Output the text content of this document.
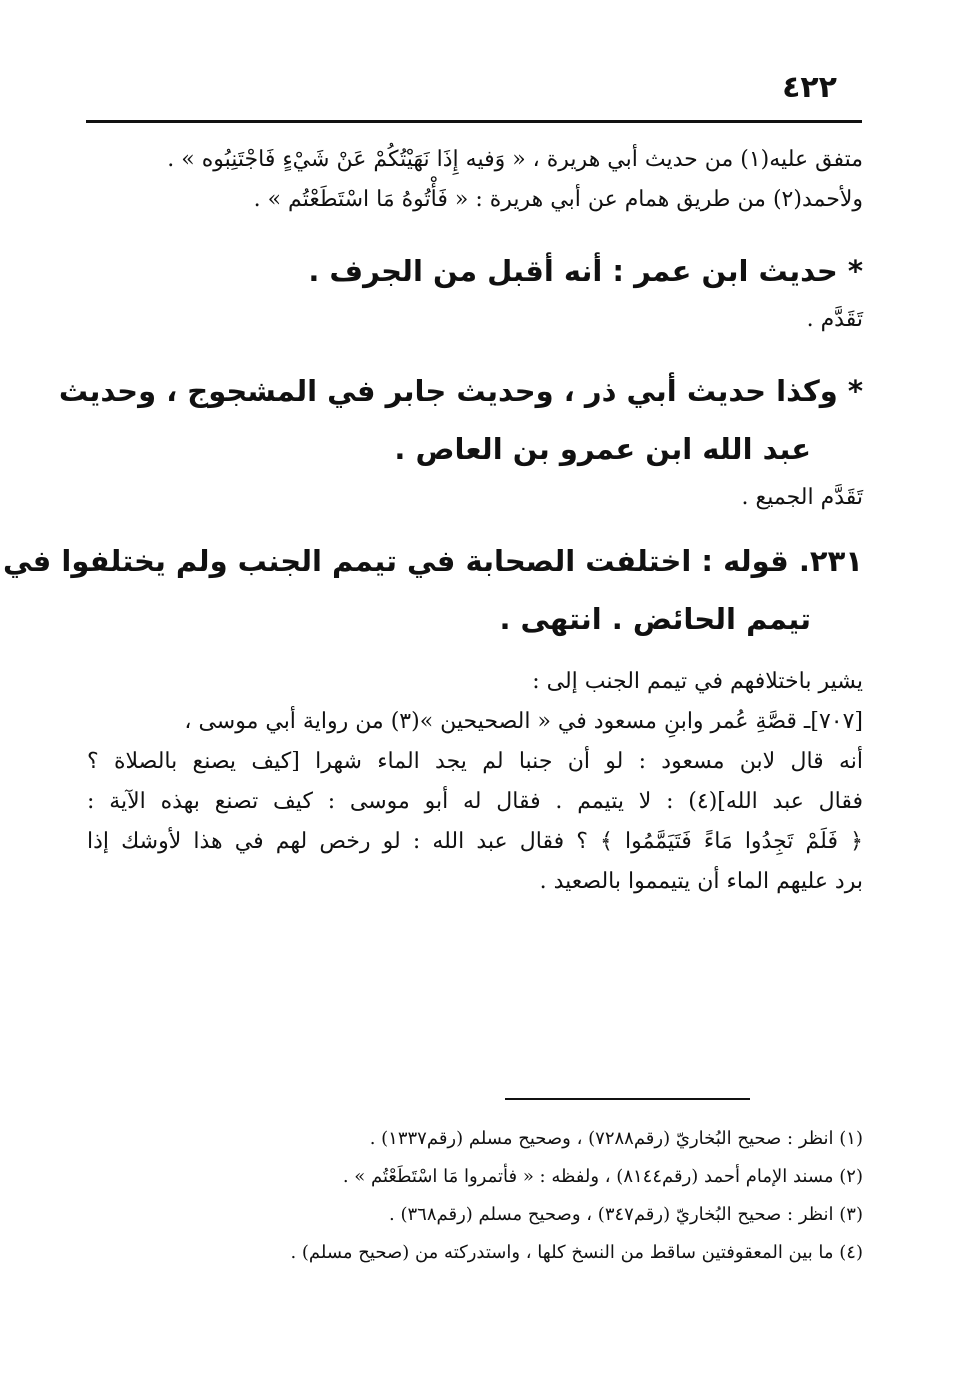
٤٢٢
متفق عليه(١) من حديث أبي هريرة ، « وَفيه إِذَا نَهَيْتُكُمْ عَنْ شَيْءٍ فَاجْتَنِبُوه » .
ولأحمد(٢) من طريق همام عن أبي هريرة : « فَأْتُوهُ مَا اسْتَطَعْتُم » .
* حديث ابن عمر : أنه أقبل من الجرف .
تَقَدَّم .
* وكذا حديث أبي ذر ، وحديث جابر في المشجوج ، وحديث
عبد الله ابن عمرو بن العاص .
تَقَدَّم الجميع .
٢٣١. قوله : اختلفت الصحابة في تيمم الجنب ولم يختلفوا في
تيمم الحائض . انتهى .
يشير باختلافهم في تيمم الجنب إلى :
[٧٠٧]ـ قصَّةِ عُمر وابنِ مسعود في « الصحيحين »(٣) من رواية أبي موسى ،
أنه قال لابن مسعود : لو أن جنبا لم يجد الماء شهرا [كيف يصنع بالصلاة ؟
فقال عبد الله](٤) : لا يتيمم . فقال له أبو موسى : كيف تصنع بهذه الآية :
﴿ فَلَمْ تَجِدُوا مَاءً فَتَيَمَّمُوا ﴾ ؟ فقال عبد الله : لو رخص لهم في هذا لأوشك إذا
برد عليهم الماء أن يتيمموا بالصعيد .
(١) انظر : صحيح البُخاريّ (رقم٧٢٨٨) ، وصحيح مسلم (رقم١٣٣٧) .
(٢) مسند الإمام أحمد (رقم٨١٤٤) ، ولفظه : « فأتمروا مَا اسْتَطَعْتُم » .
(٣) انظر : صحيح البُخاريّ (رقم٣٤٧) ، وصحيح مسلم (رقم٣٦٨) .
(٤) ما بين المعقوفتين ساقط من النسخ كلها ، واستدركته من (صحيح مسلم) .
